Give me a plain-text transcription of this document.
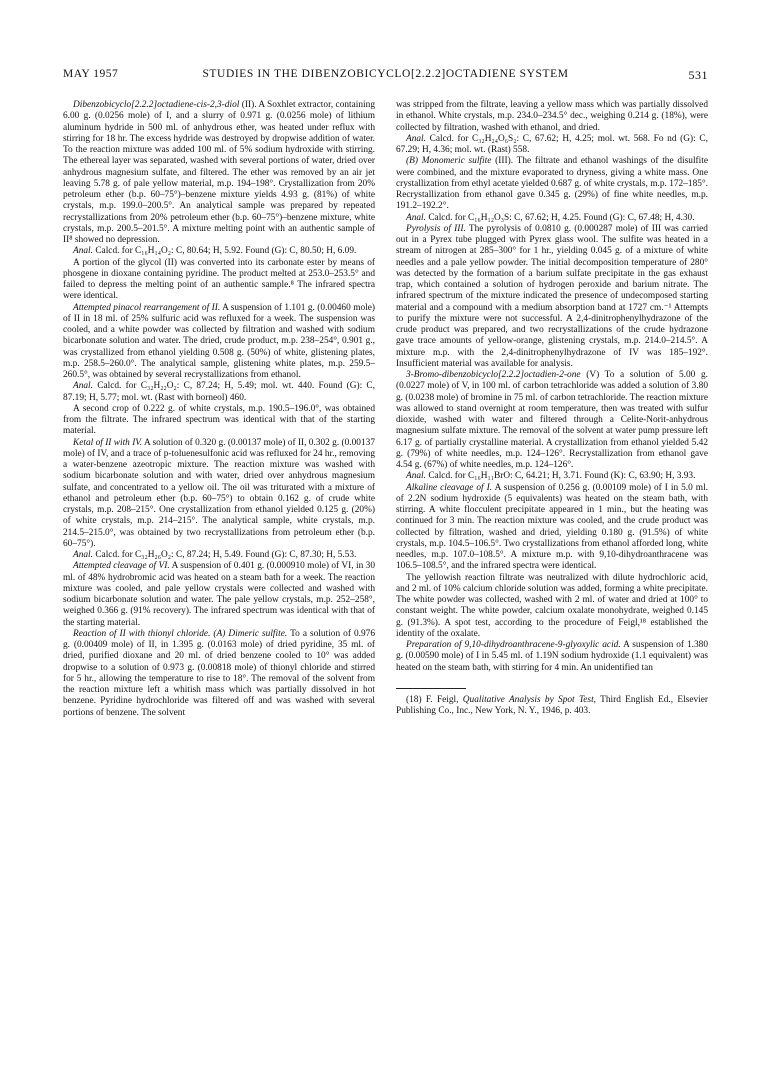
MAY 1957	STUDIES IN THE DIBENZOBICYCLO[2.2.2]OCTADIENE SYSTEM	531

Dibenzobicyclo[2.2.2]octadiene-cis-2,3-diol (II). A Soxhlet extractor, containing 6.00 g. (0.0256 mole) of I, and a slurry of 0.971 g. (0.0256 mole) of lithium aluminum hydride in 500 ml. of anhydrous ether, was heated under reflux with stirring for 18 hr. The excess hydride was destroyed by dropwise addition of water. To the reaction mixture was added 100 ml. of 5% sodium hydroxide with stirring. The ethereal layer was separated, washed with several portions of water, dried over anhydrous magnesium sulfate, and filtered. The ether was removed by an air jet leaving 5.78 g. of pale yellow material, m.p. 194–198°. Crystallization from 20% petroleum ether (b.p. 60–75°)–benzene mixture yields 4.93 g. (81%) of white crystals, m.p. 199.0–200.5°. An analytical sample was prepared by repeated recrystallizations from 20% petroleum ether (b.p. 60–75°)–benzene mixture, white crystals, m.p. 200.5–201.5°. A mixture melting point with an authentic sample of II⁸ showed no depression.

Anal. Calcd. for C₁₆H₁₄O₂: C, 80.64; H, 5.92. Found (G): C, 80.50; H, 6.09.

A portion of the glycol (II) was converted into its carbonate ester by means of phosgene in dioxane containing pyridine. The product melted at 253.0–253.5° and failed to depress the melting point of an authentic sample.⁸ The infrared spectra were identical.

Attempted pinacol rearrangement of II. A suspension of 1.101 g. (0.00460 mole) of II in 18 ml. of 25% sulfuric acid was refluxed for a week. The suspension was cooled, and a white powder was collected by filtration and washed with sodium bicarbonate solution and water. The dried, crude product, m.p. 238–254°, 0.901 g., was crystallized from ethanol yielding 0.508 g. (50%) of white, glistening plates, m.p. 258.5–260.0°. The analytical sample, glistening white plates, m.p. 259.5–260.5°, was obtained by several recrystallizations from ethanol.

Anal. Calcd. for C₃₂H₂₂O₂: C, 87.24; H, 5.49; mol. wt. 440. Found (G): C, 87.19; H, 5.77; mol. wt. (Rast with borneol) 460.

A second crop of 0.222 g. of white crystals, m.p. 190.5–196.0°, was obtained from the filtrate. The infrared spectrum was identical with that of the starting material.

Ketal of II with IV. A solution of 0.320 g. (0.00137 mole) of II, 0.302 g. (0.00137 mole) of IV, and a trace of p-toluenesulfonic acid was refluxed for 24 hr., removing a water-benzene azeotropic mixture. The reaction mixture was washed with sodium bicarbonate solution and with water, dried over anhydrous magnesium sulfate, and concentrated to a yellow oil. The oil was triturated with a mixture of ethanol and petroleum ether (b.p. 60–75°) to obtain 0.162 g. of crude white crystals, m.p. 208–215°. One crystallization from ethanol yielded 0.125 g. (20%) of white crystals, m.p. 214–215°. The analytical sample, white crystals, m.p. 214.5–215.0°, was obtained by two recrystallizations from petroleum ether (b.p. 60–75°).

Anal. Calcd. for C₃₂H₂₆O₂: C, 87.24; H, 5.49. Found (G): C, 87.30; H, 5.53.

Attempted cleavage of VI. A suspension of 0.401 g. (0.000910 mole) of VI, in 30 ml. of 48% hydrobromic acid was heated on a steam bath for a week. The reaction mixture was cooled, and pale yellow crystals were collected and washed with sodium bicarbonate solution and water. The pale yellow crystals, m.p. 252–258°, weighed 0.366 g. (91% recovery). The infrared spectrum was identical with that of the starting material.

Reaction of II with thionyl chloride. (A) Dimeric sulfite. To a solution of 0.976 g. (0.00409 mole) of II, in 1.395 g. (0.0163 mole) of dried pyridine, 35 ml. of dried, purified dioxane and 20 ml. of dried benzene cooled to 10° was added dropwise to a solution of 0.973 g. (0.00818 mole) of thionyl chloride and stirred for 5 hr., allowing the temperature to rise to 18°. The removal of the solvent from the reaction mixture left a whitish mass which was partially dissolved in hot benzene. Pyridine hydrochloride was filtered off and was washed with several portions of benzene. The solvent

was stripped from the filtrate, leaving a yellow mass which was partially dissolved in ethanol. White crystals, m.p. 234.0–234.5° dec., weighing 0.214 g. (18%), were collected by filtration, washed with ethanol, and dried.

Anal. Calcd. for C₃₂H₂₄O₆S₂: C, 67.62; H, 4.25; mol. wt. 568. Fo nd (G): C, 67.29; H, 4.36; mol. wt. (Rast) 558.

(B) Monomeric sulfite (III). The filtrate and ethanol washings of the disulfite were combined, and the mixture evaporated to dryness, giving a white mass. One crystallization from ethyl acetate yielded 0.687 g. of white crystals, m.p. 172–185°. Recrystallization from ethanol gave 0.345 g. (29%) of fine white needles, m.p. 191.2–192.2°.

Anal. Calcd. for C₁₆H₁₂O₃S: C, 67.62; H, 4.25. Found (G): C, 67.48; H, 4.30.

Pyrolysis of III. The pyrolysis of 0.0810 g. (0.000287 mole) of III was carried out in a Pyrex tube plugged with Pyrex glass wool. The sulfite was heated in a stream of nitrogen at 285–300° for 1 hr., yielding 0.045 g. of a mixture of white needles and a pale yellow powder. The initial decomposition temperature of 280° was detected by the formation of a barium sulfate precipitate in the gas exhaust trap, which contained a solution of hydrogen peroxide and barium nitrate. The infrared spectrum of the mixture indicated the presence of undecomposed starting material and a compound with a medium absorption band at 1727 cm.⁻¹ Attempts to purify the mixture were not successful. A 2,4-dinitrophenylhydrazone of the crude product was prepared, and two recrystallizations of the crude hydrazone gave trace amounts of yellow-orange, glistening crystals, m.p. 214.0–214.5°. A mixture m.p. with the 2,4-dinitrophenylhydrazone of IV was 185–192°. Insufficient material was available for analysis.

3-Bromo-dibenzobicyclo[2.2.2]octadien-2-one (V) To a solution of 5.00 g. (0.0227 mole) of V, in 100 ml. of carbon tetrachloride was added a solution of 3.80 g. (0.0238 mole) of bromine in 75 ml. of carbon tetrachloride. The reaction mixture was allowed to stand overnight at room temperature, then was treated with sulfur dioxide, washed with water and filtered through a Celite-Norit-anhydrous magnesium sulfate mixture. The removal of the solvent at water pump pressure left 6.17 g. of partially crystalline material. A crystallization from ethanol yielded 5.42 g. (79%) of white needles, m.p. 124–126°. Recrystallization from ethanol gave 4.54 g. (67%) of white needles, m.p. 124–126°.

Anal. Calcd. for C₁₆H₁₁BrO: C, 64.21; H, 3.71. Found (K): C, 63.90; H, 3.93.

Alkaline cleavage of I. A suspension of 0.256 g. (0.00109 mole) of I in 5.0 ml. of 2.2N sodium hydroxide (5 equivalents) was heated on the steam bath, with stirring. A white flocculent precipitate appeared in 1 min., but the heating was continued for 3 min. The reaction mixture was cooled, and the crude product was collected by filtration, washed and dried, yielding 0.180 g. (91.5%) of white crystals, m.p. 104.5–106.5°. Two crystallizations from ethanol afforded long, white needles, m.p. 107.0–108.5°. A mixture m.p. with 9,10-dihydroanthracene was 106.5–108.5°, and the infrared spectra were identical.

The yellowish reaction filtrate was neutralized with dilute hydrochloric acid, and 2 ml. of 10% calcium chloride solution was added, forming a white precipitate. The white powder was collected, washed with 2 ml. of water and dried at 100° to constant weight. The white powder, calcium oxalate monohydrate, weighed 0.145 g. (91.3%). A spot test, according to the procedure of Feigl,¹⁸ established the identity of the oxalate.

Preparation of 9,10-dihydroanthracene-9-glyoxylic acid. A suspension of 1.380 g. (0.00590 mole) of I in 5.45 ml. of 1.19N sodium hydroxide (1.1 equivalent) was heated on the steam bath, with stirring for 4 min. An unidentified tan

(18) F. Feigl, Qualitative Analysis by Spot Test, Third English Ed., Elsevier Publishing Co., Inc., New York, N. Y., 1946, p. 403.
